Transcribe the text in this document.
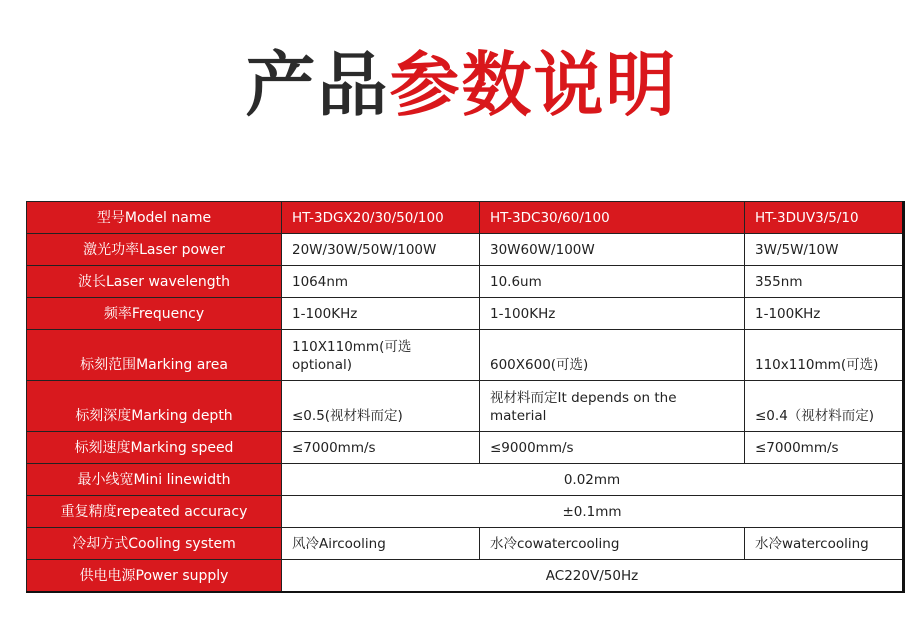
产品参数说明
型号Model name	HT-3DGX20/30/50/100	HT-3DC30/60/100	HT-3DUV3/5/10
激光功率Laser power	20W/30W/50W/100W	30W60W/100W	3W/5W/10W
波长Laser wavelength	1064nm	10.6um	355nm
频率Frequency	1-100KHz	1-100KHz	1-100KHz
标刻范围Marking area	110X110mm(可选 optional)	600X600(可选)	110x110mm(可选)
标刻深度Marking depth	≤0.5(视材料而定)	视材料而定It depends on the material	≤0.4（视材料而定)
标刻速度Marking speed	≤7000mm/s	≤9000mm/s	≤7000mm/s
最小线宽Mini linewidth	0.02mm		
重复精度repeated accuracy	±0.1mm		
冷却方式Cooling system	风冷Aircooling	水冷cowatercooling	水冷watercooling
供电电源Power supply	AC220V/50Hz		
